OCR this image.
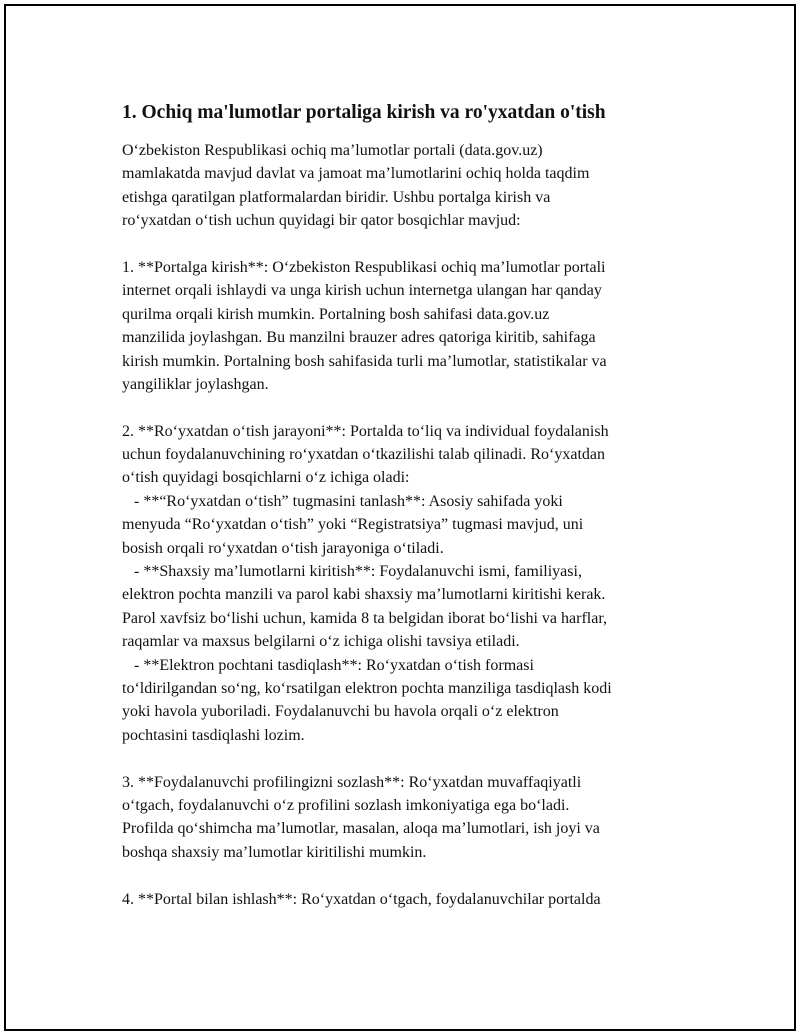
1. Ochiq ma'lumotlar portaliga kirish va ro'yxatdan o'tish
O‘zbekiston Respublikasi ochiq ma’lumotlar portali (data.gov.uz)
mamlakatda mavjud davlat va jamoat ma’lumotlarini ochiq holda taqdim
etishga qaratilgan platformalardan biridir. Ushbu portalga kirish va
ro‘yxatdan o‘tish uchun quyidagi bir qator bosqichlar mavjud:
1. **Portalga kirish**: O‘zbekiston Respublikasi ochiq ma’lumotlar portali
internet orqali ishlaydi va unga kirish uchun internetga ulangan har qanday
qurilma orqali kirish mumkin. Portalning bosh sahifasi data.gov.uz
manzilida joylashgan. Bu manzilni brauzer adres qatoriga kiritib, sahifaga
kirish mumkin. Portalning bosh sahifasida turli ma’lumotlar, statistikalar va
yangiliklar joylashgan.
2. **Ro‘yxatdan o‘tish jarayoni**: Portalda to‘liq va individual foydalanish
uchun foydalanuvchining ro‘yxatdan o‘tkazilishi talab qilinadi. Ro‘yxatdan
o‘tish quyidagi bosqichlarni o‘z ichiga oladi:
- **“Ro‘yxatdan o‘tish” tugmasini tanlash**: Asosiy sahifada yoki
menyuda “Ro‘yxatdan o‘tish” yoki “Registratsiya” tugmasi mavjud, uni
bosish orqali ro‘yxatdan o‘tish jarayoniga o‘tiladi.
- **Shaxsiy ma’lumotlarni kiritish**: Foydalanuvchi ismi, familiyasi,
elektron pochta manzili va parol kabi shaxsiy ma’lumotlarni kiritishi kerak.
Parol xavfsiz bo‘lishi uchun, kamida 8 ta belgidan iborat bo‘lishi va harflar,
raqamlar va maxsus belgilarni o‘z ichiga olishi tavsiya etiladi.
- **Elektron pochtani tasdiqlash**: Ro‘yxatdan o‘tish formasi
to‘ldirilgandan so‘ng, ko‘rsatilgan elektron pochta manziliga tasdiqlash kodi
yoki havola yuboriladi. Foydalanuvchi bu havola orqali o‘z elektron
pochtasini tasdiqlashi lozim.
3. **Foydalanuvchi profilingizni sozlash**: Ro‘yxatdan muvaffaqiyatli
o‘tgach, foydalanuvchi o‘z profilini sozlash imkoniyatiga ega bo‘ladi.
Profilda qo‘shimcha ma’lumotlar, masalan, aloqa ma’lumotlari, ish joyi va
boshqa shaxsiy ma’lumotlar kiritilishi mumkin.
4. **Portal bilan ishlash**: Ro‘yxatdan o‘tgach, foydalanuvchilar portalda
